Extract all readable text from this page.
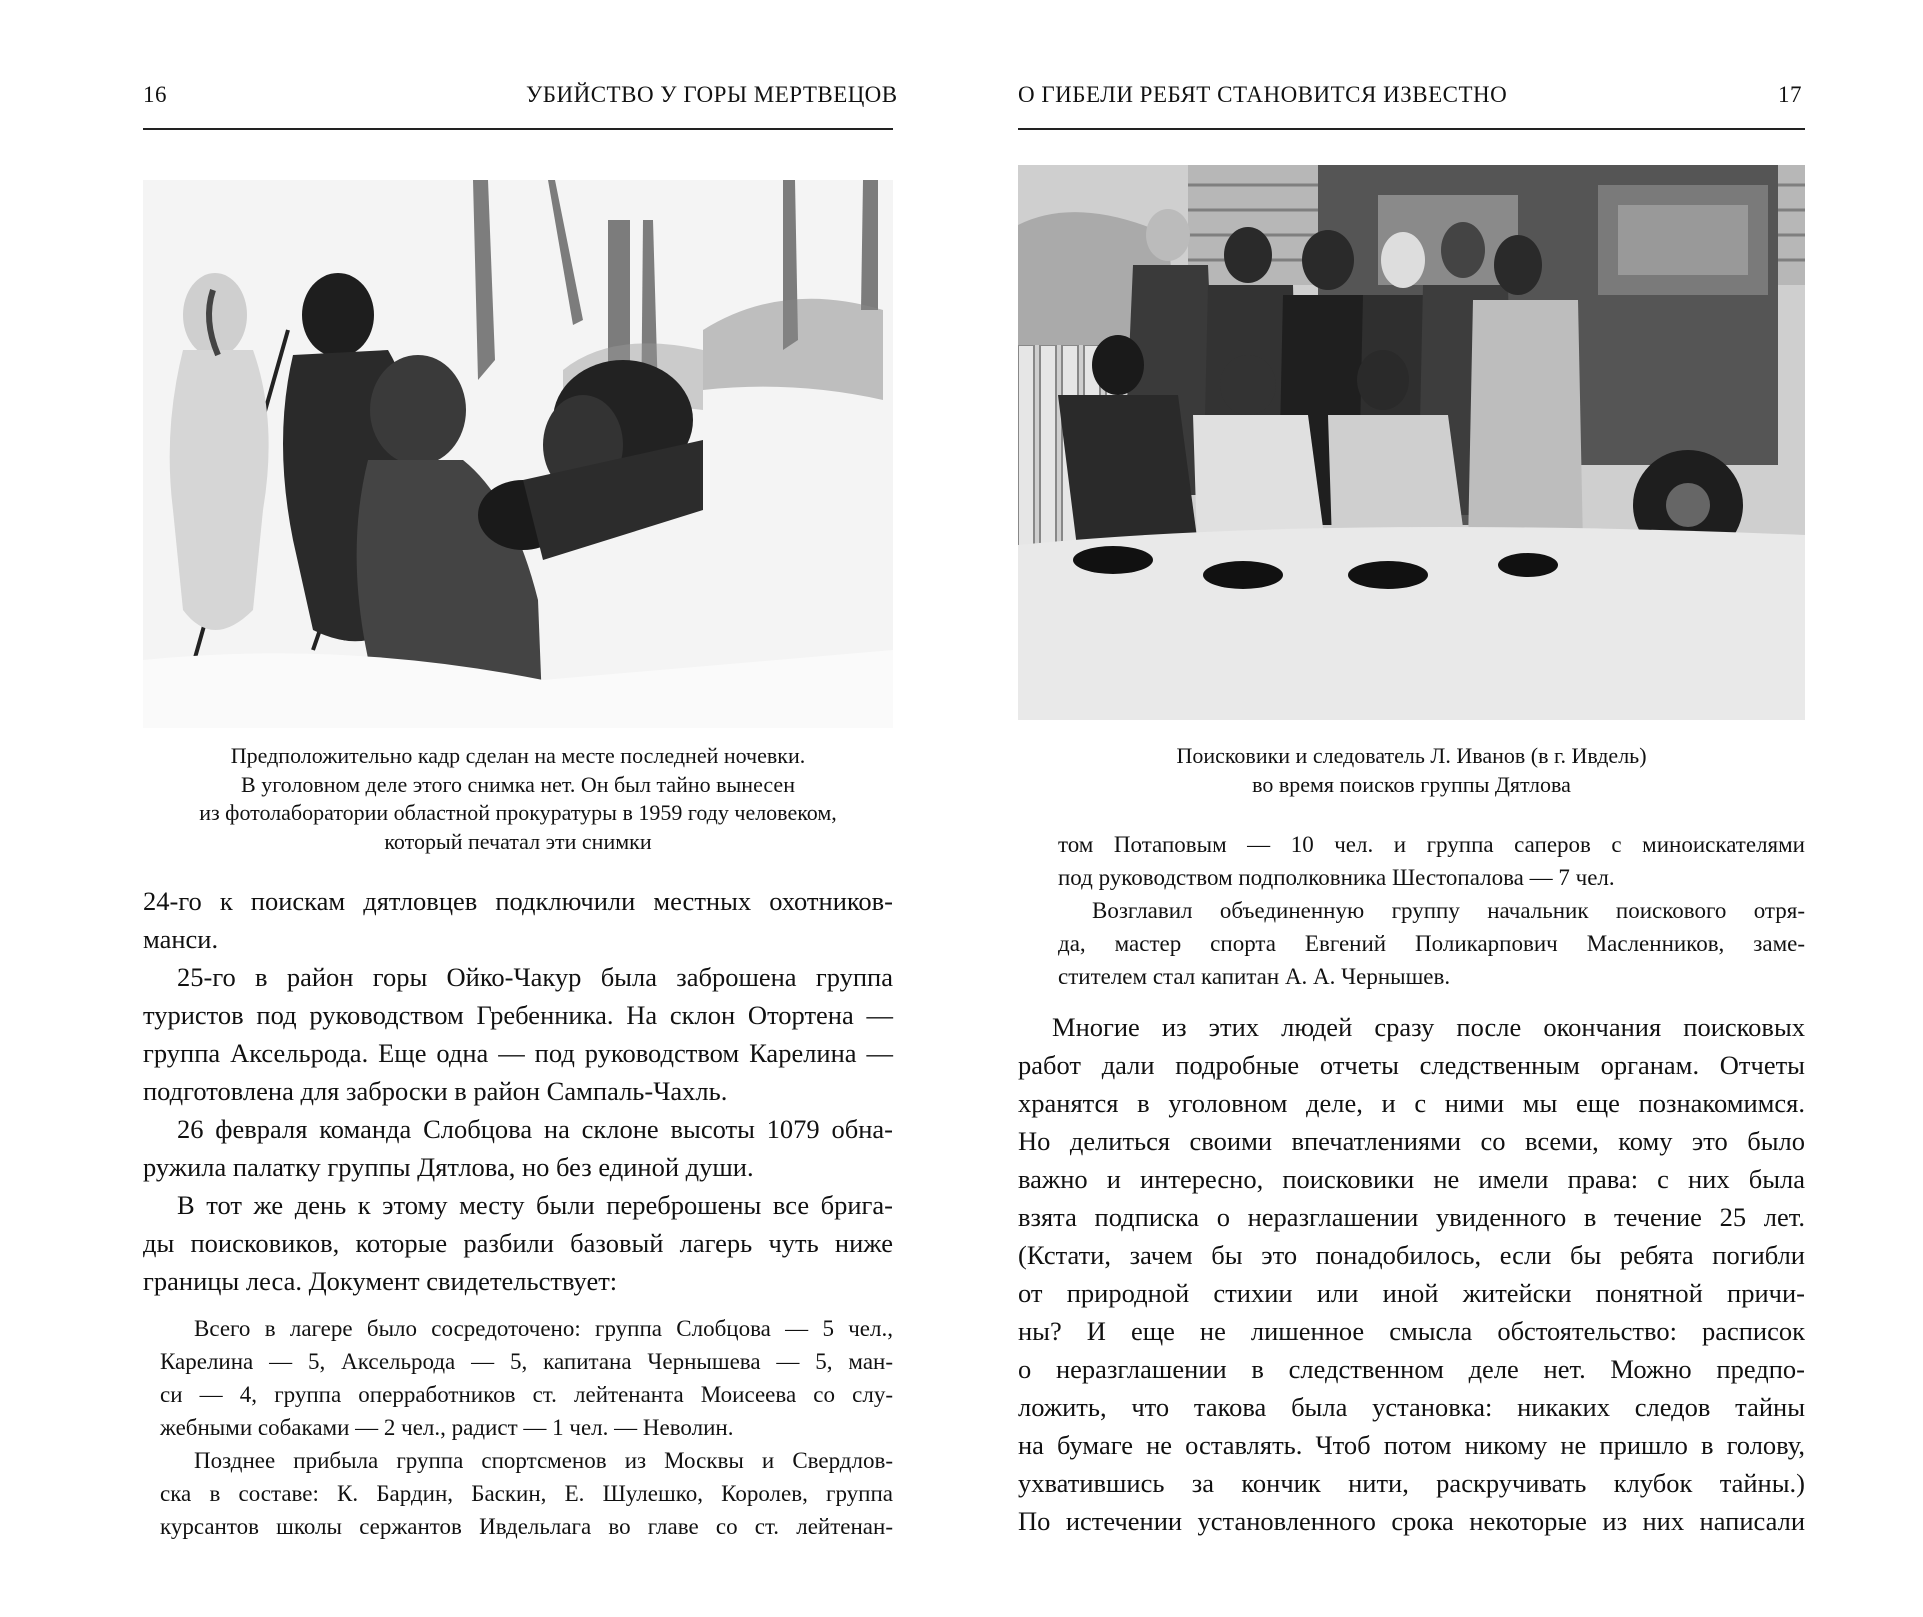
16	УБИЙСТВО У ГОРЫ МЕРТВЕЦОВ

Предположительно кадр сделан на месте последней ночевки.

В уголовном деле этого снимка нет. Он был тайно вынесен

из фотолаборатории областной прокуратуры в 1959 году человеком,

который печатал эти снимки

24-го к поискам дятловцев подключили местных охотников-

манси.

25-го в район горы Ойко-Чакур была заброшена группа

туристов под руководством Гребенника. На склон Отортена —

группа Аксельрода. Еще одна — под руководством Карелина —

подготовлена для заброски в район Сампаль-Чахль.

26 февраля команда Слобцова на склоне высоты 1079 обна-

ружила палатку группы Дятлова, но без единой души.

В тот же день к этому месту были переброшены все брига-

ды поисковиков, которые разбили базовый лагерь чуть ниже

границы леса. Документ свидетельствует:

Всего в лагере было сосредоточено: группа Слобцова — 5 чел.,

Карелина — 5, Аксельрода — 5, капитана Чернышева — 5, ман-

си — 4, группа оперработников ст. лейтенанта Моисеева со слу-

жебными собаками — 2 чел., радист — 1 чел. — Неволин.

Позднее прибыла группа спортсменов из Москвы и Свердлов-

ска в составе: К. Бардин, Баскин, Е. Шулешко, Королев, группа

курсантов школы сержантов Ивдельлага во главе со ст. лейтенан-

О ГИБЕЛИ РЕБЯТ СТАНОВИТСЯ ИЗВЕСТНО	17

Поисковики и следователь Л. Иванов (в г. Ивдель)

во время поисков группы Дятлова

том Потаповым — 10 чел. и группа саперов с миноискателями

под руководством подполковника Шестопалова — 7 чел.

Возглавил объединенную группу начальник поискового отря-

да, мастер спорта Евгений Поликарпович Масленников, заме-

стителем стал капитан А. А. Чернышев.

Многие из этих людей сразу после окончания поисковых

работ дали подробные отчеты следственным органам. Отчеты

хранятся в уголовном деле, и с ними мы еще познакомимся.

Но делиться своими впечатлениями со всеми, кому это было

важно и интересно, поисковики не имели права: с них была

взята подписка о неразглашении увиденного в течение 25 лет.

(Кстати, зачем бы это понадобилось, если бы ребята погибли

от природной стихии или иной житейски понятной причи-

ны? И еще не лишенное смысла обстоятельство: расписок

о неразглашении в следственном деле нет. Можно предпо-

ложить, что такова была установка: никаких следов тайны

на бумаге не оставлять. Чтоб потом никому не пришло в голову,

ухватившись за кончик нити, раскручивать клубок тайны.)

По истечении установленного срока некоторые из них написали
